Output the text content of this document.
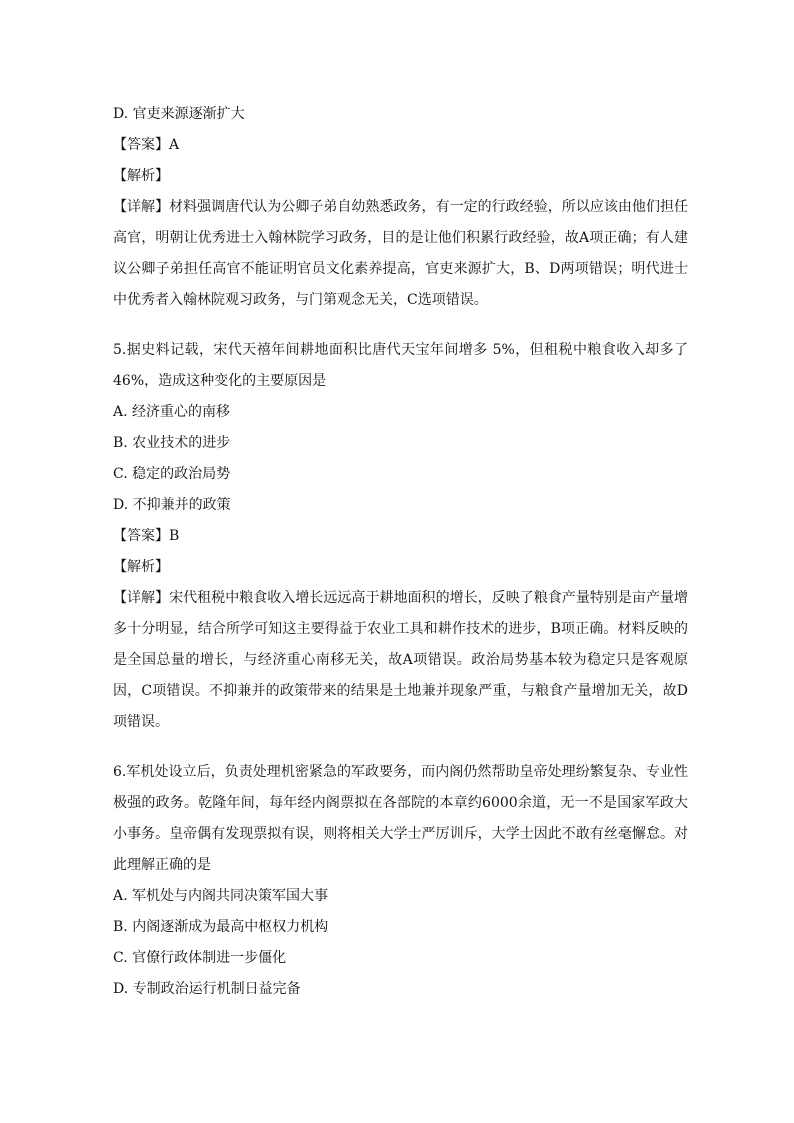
D. 官吏来源逐渐扩大
【答案】A
【解析】
【详解】材料强调唐代认为公卿子弟自幼熟悉政务，有一定的行政经验，所以应该由他们担任高官，明朝让优秀进士入翰林院学习政务，目的是让他们积累行政经验，故A项正确；有人建议公卿子弟担任高官不能证明官员文化素养提高，官吏来源扩大，B、D两项错误；明代进士中优秀者入翰林院观习政务，与门第观念无关，C选项错误。
5.据史料记载，宋代天禧年间耕地面积比唐代天宝年间增多 5%，但租税中粮食收入却多了46%，造成这种变化的主要原因是
A. 经济重心的南移
B. 农业技术的进步
C. 稳定的政治局势
D. 不抑兼并的政策
【答案】B
【解析】
【详解】宋代租税中粮食收入增长远远高于耕地面积的增长，反映了粮食产量特别是亩产量增多十分明显，结合所学可知这主要得益于农业工具和耕作技术的进步，B项正确。材料反映的是全国总量的增长，与经济重心南移无关，故A项错误。政治局势基本较为稳定只是客观原因，C项错误。不抑兼并的政策带来的结果是土地兼并现象严重，与粮食产量增加无关，故D项错误。
6.军机处设立后，负责处理机密紧急的军政要务，而内阁仍然帮助皇帝处理纷繁复杂、专业性极强的政务。乾隆年间，每年经内阁票拟在各部院的本章约6000余道，无一不是国家军政大小事务。皇帝偶有发现票拟有误，则将相关大学士严厉训斥，大学士因此不敢有丝毫懈怠。对此理解正确的是
A. 军机处与内阁共同决策军国大事
B. 内阁逐渐成为最高中枢权力机构
C. 官僚行政体制进一步僵化
D. 专制政治运行机制日益完备
